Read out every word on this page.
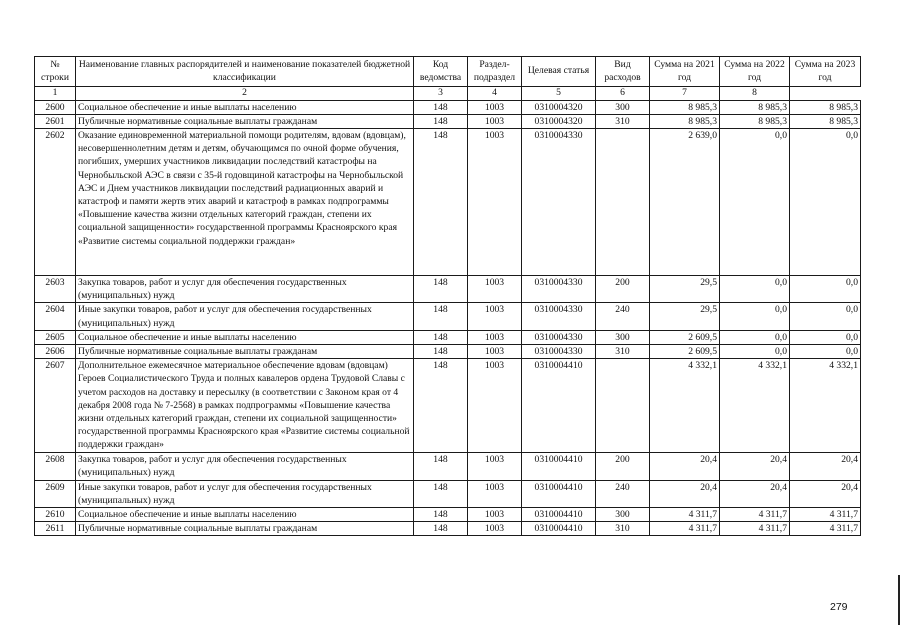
№ строки	Наименование главных распорядителей и наименование показателей бюджетной классификации	Код ведомства	Раздел-подраздел	Целевая статья	Вид расходов	Сумма на 2021 год	Сумма на 2022 год	Сумма на 2023 год
1	2	3	4	5	6	7	8	
2600	Социальное обеспечение и иные выплаты населению	148	1003	0310004320	300	8 985,3	8 985,3	8 985,3
2601	Публичные нормативные социальные выплаты гражданам	148	1003	0310004320	310	8 985,3	8 985,3	8 985,3
2602	Оказание единовременной материальной помощи родителям, вдовам (вдовцам), несовершеннолетним детям и детям, обучающимся по очной форме обучения, погибших, умерших участников ликвидации последствий катастрофы на Чернобыльской АЭС в связи с 35-й годовщиной катастрофы на Чернобыльской АЭС и Днем участников ликвидации последствий радиационных аварий и катастроф и памяти жертв этих аварий и катастроф в рамках подпрограммы «Повышение качества жизни отдельных категорий граждан, степени их социальной защищенности» государственной программы Красноярского края «Развитие системы социальной поддержки граждан»	148	1003	0310004330		2 639,0	0,0	0,0
2603	Закупка товаров, работ и услуг для обеспечения государственных (муниципальных) нужд	148	1003	0310004330	200	29,5	0,0	0,0
2604	Иные закупки товаров, работ и услуг для обеспечения государственных (муниципальных) нужд	148	1003	0310004330	240	29,5	0,0	0,0
2605	Социальное обеспечение и иные выплаты населению	148	1003	0310004330	300	2 609,5	0,0	0,0
2606	Публичные нормативные социальные выплаты гражданам	148	1003	0310004330	310	2 609,5	0,0	0,0
2607	Дополнительное ежемесячное материальное обеспечение вдовам (вдовцам) Героев Социалистического Труда и полных кавалеров ордена Трудовой Славы с учетом расходов на доставку и пересылку (в соответствии с Законом края от 4 декабря 2008 года № 7-2568) в рамках подпрограммы «Повышение качества жизни отдельных категорий граждан, степени их социальной защищенности» государственной программы Красноярского края «Развитие системы социальной поддержки граждан»	148	1003	0310004410		4 332,1	4 332,1	4 332,1
2608	Закупка товаров, работ и услуг для обеспечения государственных (муниципальных) нужд	148	1003	0310004410	200	20,4	20,4	20,4
2609	Иные закупки товаров, работ и услуг для обеспечения государственных (муниципальных) нужд	148	1003	0310004410	240	20,4	20,4	20,4
2610	Социальное обеспечение и иные выплаты населению	148	1003	0310004410	300	4 311,7	4 311,7	4 311,7
2611	Публичные нормативные социальные выплаты гражданам	148	1003	0310004410	310	4 311,7	4 311,7	4 311,7
279
